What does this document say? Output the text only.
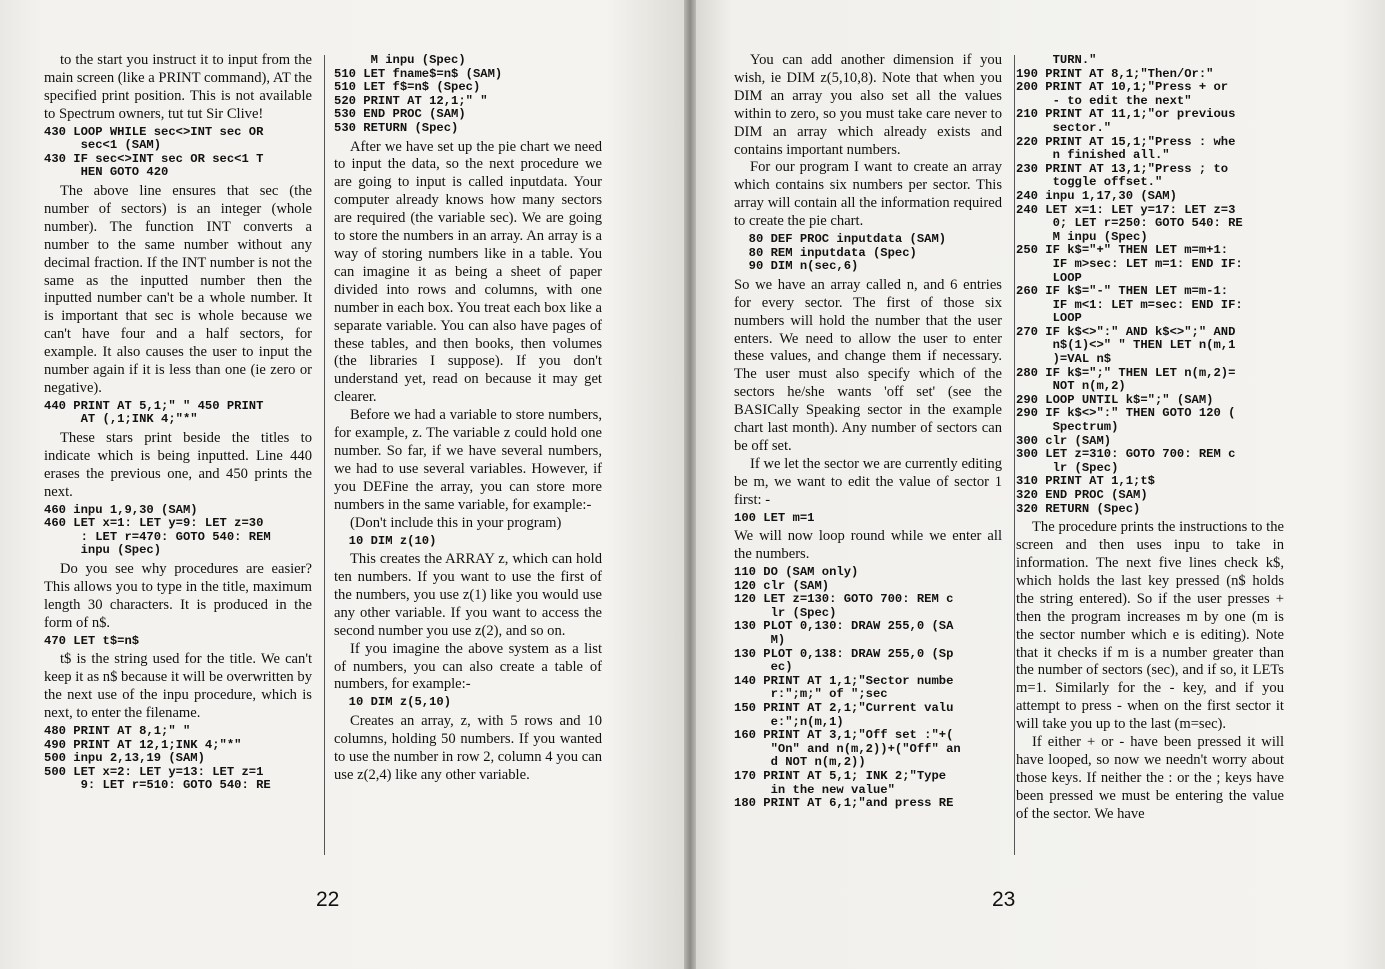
to the start you instruct it to input from the main screen (like a PRINT command), AT the specified print position. This is not available to Spectrum owners, tut tut Sir Clive!

430 LOOP WHILE sec<>INT sec OR
sec<1 (SAM)
430 IF sec<>INT sec OR sec<1 T
HEN GOTO 420

The above line ensures that sec (the number of sectors) is an integer (whole number). The function INT converts a number to the same number without any decimal fraction. If the INT number is not the same as the inputted number then the inputted number can't be a whole number. It is important that sec is whole because we can't have four and a half sectors, for example. It also causes the user to input the number again if it is less than one (ie zero or negative).

440 PRINT AT 5,1;" " 450 PRINT
AT (,1;INK 4;"*"

These stars print beside the titles to indicate which is being inputted. Line 440 erases the previous one, and 450 prints the next.

460 inpu 1,9,30 (SAM)
460 LET x=1: LET y=9: LET z=30
: LET r=470: GOTO 540: REM
inpu (Spec)

Do you see why procedures are easier? This allows you to type in the title, maximum length 30 characters. It is produced in the form of n$.

470 LET t$=n$

t$ is the string used for the title. We can't keep it as n$ because it will be overwritten by the next use of the inpu procedure, which is next, to enter the filename.

480 PRINT AT 8,1;" "
490 PRINT AT 12,1;INK 4;"*"
500 inpu 2,13,19 (SAM)
500 LET x=2: LET y=13: LET z=1
9: LET r=510: GOTO 540: RE
M inpu (Spec)
510 LET fname$=n$ (SAM)
510 LET f$=n$ (Spec)
520 PRINT AT 12,1;" "
530 END PROC (SAM)
530 RETURN (Spec)

After we have set up the pie chart we need to input the data, so the next procedure we are going to input is called inputdata. Your computer already knows how many sectors are required (the variable sec). We are going to store the numbers in an array. An array is a way of storing numbers like in a table. You can imagine it as being a sheet of paper divided into rows and columns, with one number in each box. You treat each box like a separate variable. You can also have pages of these tables, and then books, then volumes (the libraries I suppose). If you don't understand yet, read on because it may get clearer.

Before we had a variable to store numbers, for example, z. The variable z could hold one number. So far, if we have several numbers, we had to use several variables. However, if you DEFine the array, you can store more numbers in the same variable, for example:-

(Don't include this in your program)

10 DIM z(10)

This creates the ARRAY z, which can hold ten numbers. If you want to use the first of the numbers, you use z(1) like you would use any other variable. If you want to access the second number you use z(2), and so on.

If you imagine the above system as a list of numbers, you can also create a table of numbers, for example:-

10 DIM z(5,10)

Creates an array, z, with 5 rows and 10 columns, holding 50 numbers. If you wanted to use the number in row 2, column 4 you can use z(2,4) like any other variable.

22

You can add another dimension if you wish, ie DIM z(5,10,8). Note that when you DIM an array you also set all the values within to zero, so you must take care never to DIM an array which already exists and contains important numbers.

For our program I want to create an array which contains six numbers per sector. This array will contain all the information required to create the pie chart.

80 DEF PROC inputdata (SAM)
80 REM inputdata (Spec)
90 DIM n(sec,6)

So we have an array called n, and 6 entries for every sector. The first of those six numbers will hold the number that the user enters. We need to allow the user to enter these values, and change them if necessary. The user must also specify which of the sectors he/she wants 'off set' (see the BASICally Speaking sector in the example chart last month). Any number of sectors can be off set.

If we let the sector we are currently editing be m, we want to edit the value of sector 1 first: -

100 LET m=1

We will now loop round while we enter all the numbers.

110 DO (SAM only)
120 clr (SAM)
120 LET z=130: GOTO 700: REM c
lr (Spec)
130 PLOT 0,130: DRAW 255,0 (SA
M)
130 PLOT 0,138: DRAW 255,0 (Sp
ec)
140 PRINT AT 1,1;"Sector numbe
r:";m;" of ";sec
150 PRINT AT 2,1;"Current valu
e:";n(m,1)
160 PRINT AT 3,1;"Off set :"+(
"On" and n(m,2))+("Off" an
d NOT n(m,2))
170 PRINT AT 5,1; INK 2;"Type
in the new value"
180 PRINT AT 6,1;"and press RE
TURN."
190 PRINT AT 8,1;"Then/Or:"
200 PRINT AT 10,1;"Press + or
- to edit the next"
210 PRINT AT 11,1;"or previous
sector."
220 PRINT AT 15,1;"Press : whe
n finished all."
230 PRINT AT 13,1;"Press ; to
toggle offset."
240 inpu 1,17,30 (SAM)
240 LET x=1: LET y=17: LET z=3
0; LET r=250: GOTO 540: RE
M inpu (Spec)
250 IF k$="+" THEN LET m=m+1:
IF m>sec: LET m=1: END IF:
LOOP
260 IF k$="-" THEN LET m=m-1:
IF m<1: LET m=sec: END IF:
LOOP
270 IF k$<>":" AND k$<>";" AND
n$(1)<>" " THEN LET n(m,1
)=VAL n$
280 IF k$=";" THEN LET n(m,2)=
NOT n(m,2)
290 LOOP UNTIL k$=";" (SAM)
290 IF k$<>":" THEN GOTO 120 (
Spectrum)
300 clr (SAM)
300 LET z=310: GOTO 700: REM c
lr (Spec)
310 PRINT AT 1,1;t$
320 END PROC (SAM)
320 RETURN (Spec)

The procedure prints the instructions to the screen and then uses inpu to take in information. The next five lines check k$, which holds the last key pressed (n$ holds the string entered). So if the user presses + then the program increases m by one (m is the sector number which e is editing). Note that it checks if m is a number greater than the number of sectors (sec), and if so, it LETs m=1. Similarly for the - key, and if you attempt to press - when on the first sector it will take you up to the last (m=sec).

If either + or - have been pressed it will have looped, so now we needn't worry about those keys. If neither the : or the ; keys have been pressed we must be entering the value of the sector. We have

23
